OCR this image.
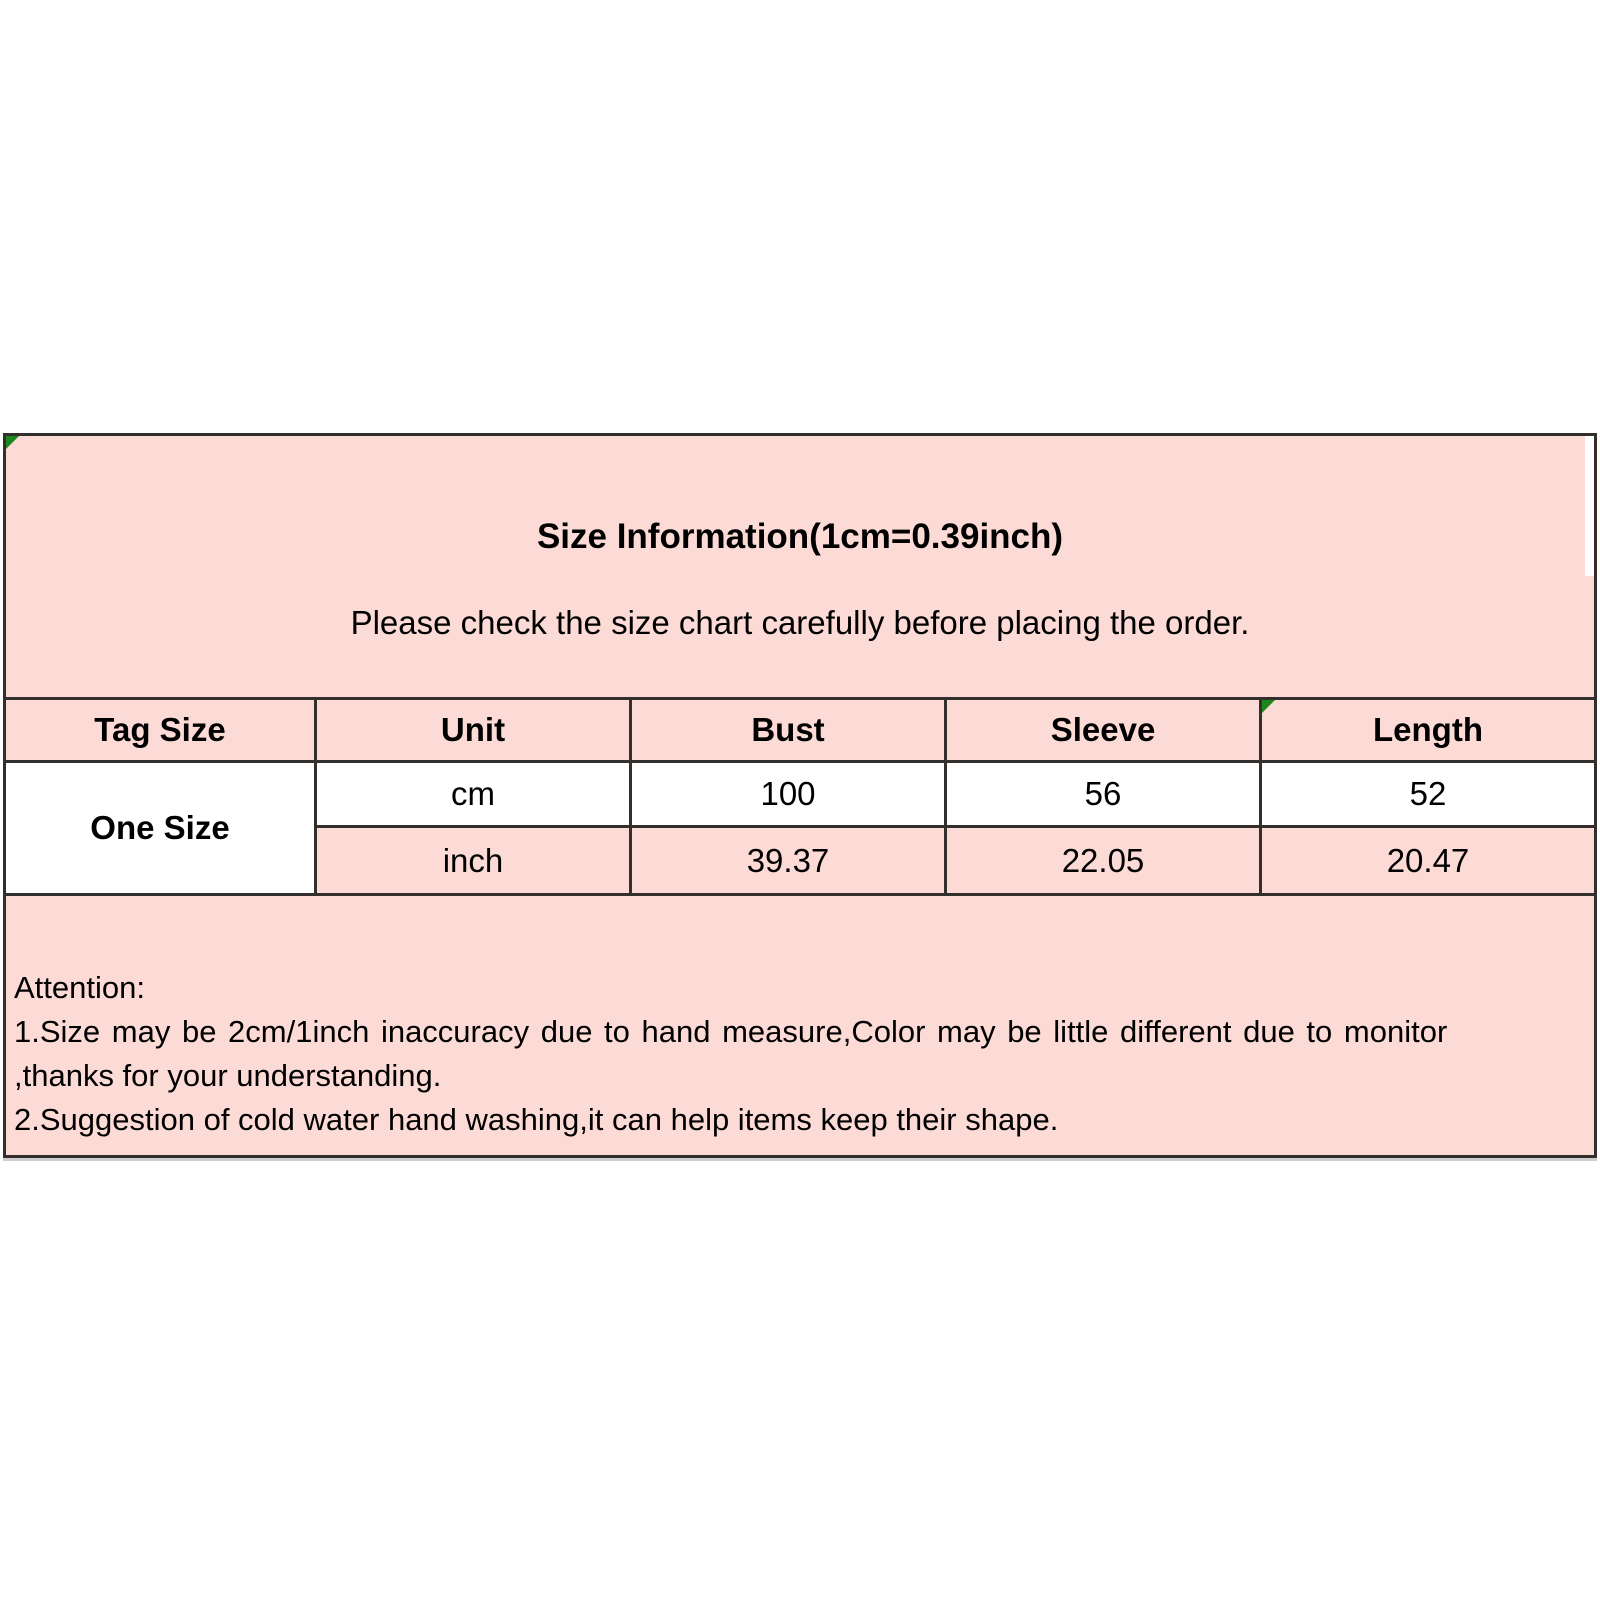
Size Information(1cm=0.39inch)
Please check the size chart carefully before placing the order.
Tag Size	Unit	Bust	Sleeve	Length
One Size
cm	100	56	52
inch	39.37	22.05	20.47
Attention:
1.Size may be 2cm/1inch inaccuracy due to hand measure,Color may be little different due to monitor
,thanks for your understanding.
2.Suggestion of cold water hand washing,it can help items keep their shape.
